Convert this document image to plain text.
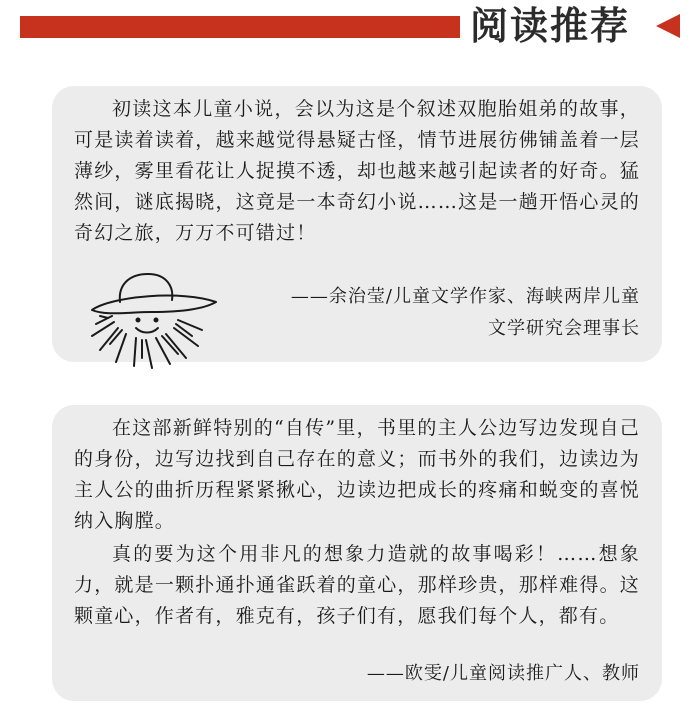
阅读推荐

初读这本儿童小说，会以为这是个叙述双胞胎姐弟的故事，可是读着读着，越来越觉得悬疑古怪，情节进展彷佛铺盖着一层薄纱，雾里看花让人捉摸不透，却也越来越引起读者的好奇。猛然间，谜底揭晓，这竟是一本奇幻小说……这是一趟开悟心灵的奇幻之旅，万万不可错过！

——余治莹/儿童文学作家、海峡两岸儿童
文学研究会理事长

在这部新鲜特别的“自传”里，书里的主人公边写边发现自己的身份，边写边找到自己存在的意义；而书外的我们，边读边为主人公的曲折历程紧紧揪心，边读边把成长的疼痛和蜕变的喜悦纳入胸膛。

真的要为这个用非凡的想象力造就的故事喝彩！……想象力，就是一颗扑通扑通雀跃着的童心，那样珍贵，那样难得。这颗童心，作者有，雅克有，孩子们有，愿我们每个人，都有。

——欧雯/儿童阅读推广人、教师
